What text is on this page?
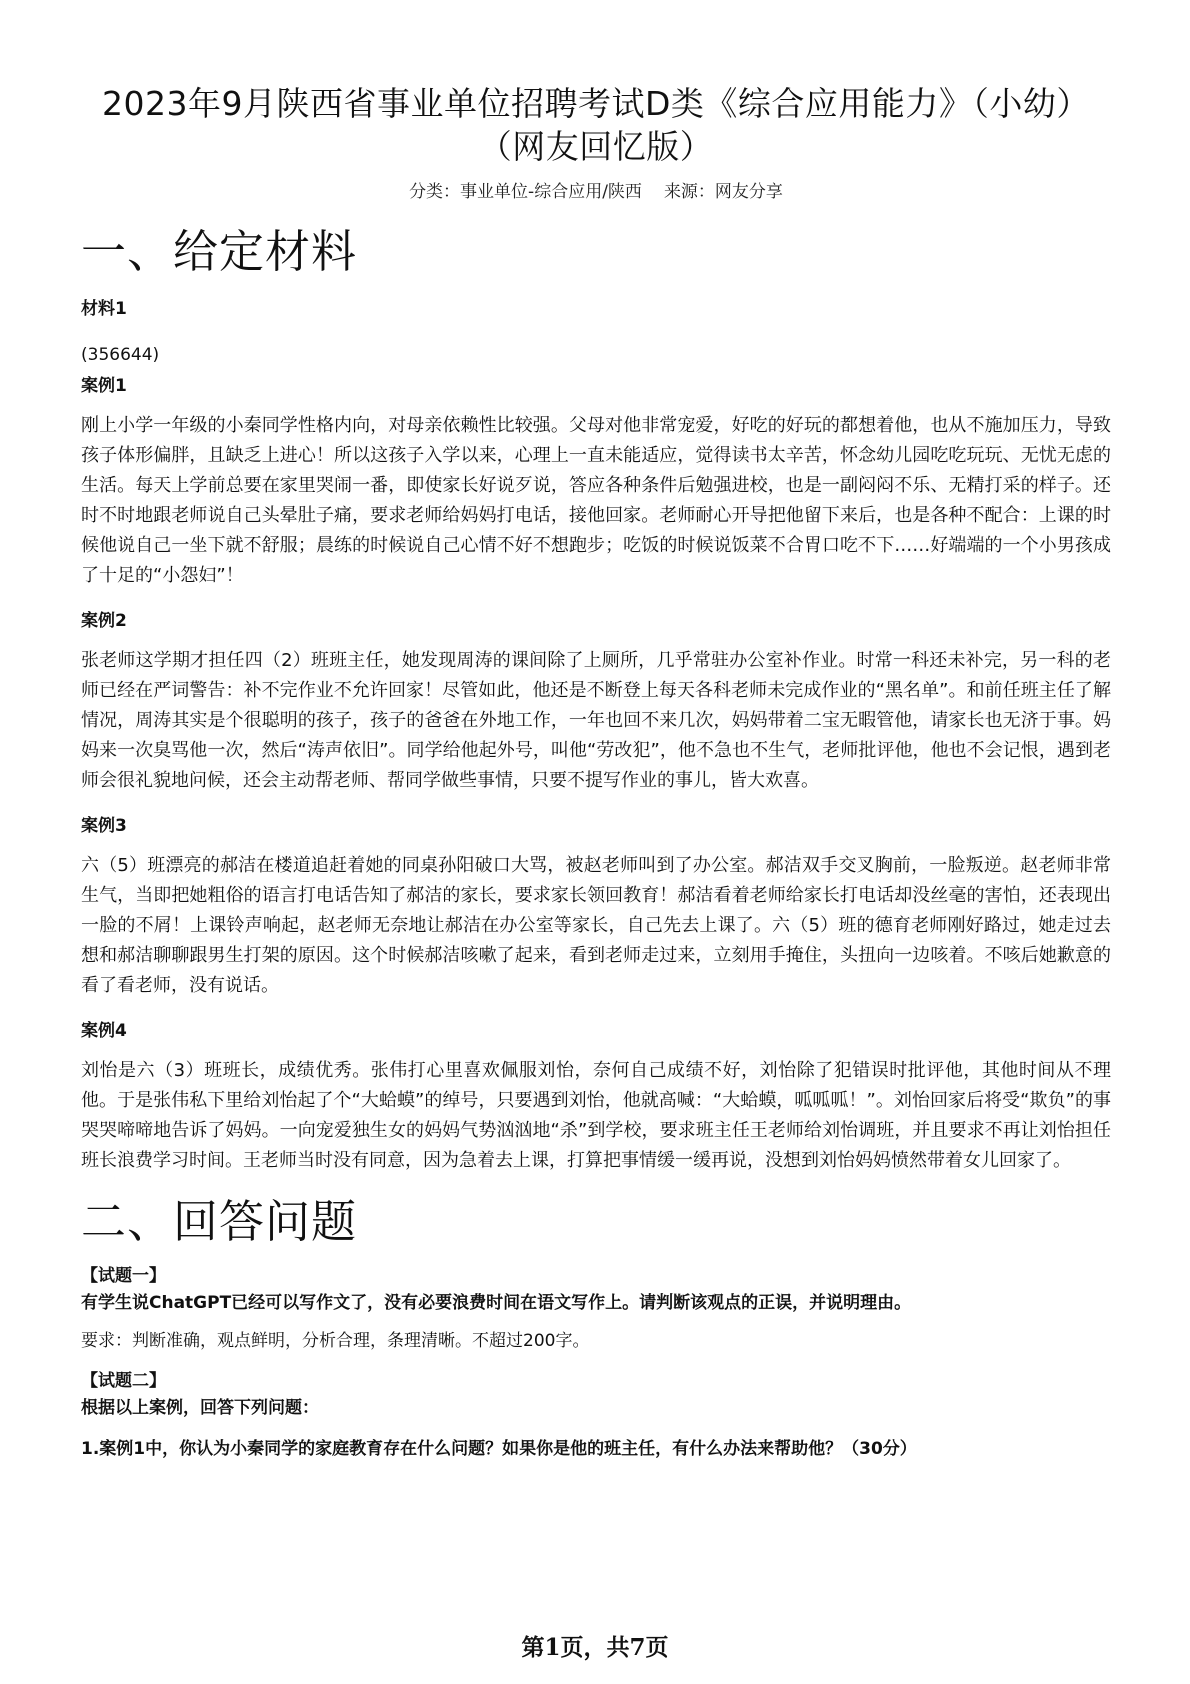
2023年9月陕西省事业单位招聘考试D类《综合应用能力》（小幼）（网友回忆版）
分类：事业单位-综合应用/陕西 来源：网友分享
一、给定材料
材料1
(356644)
案例1

刚上小学一年级的小秦同学性格内向，对母亲依赖性比较强。父母对他非常宠爱，好吃的好玩的都想着他，也从不施加压力，导致孩子体形偏胖，且缺乏上进心！所以这孩子入学以来，心理上一直未能适应，觉得读书太辛苦，怀念幼儿园吃吃玩玩、无忧无虑的生活。每天上学前总要在家里哭闹一番，即使家长好说歹说，答应各种条件后勉强进校，也是一副闷闷不乐、无精打采的样子。还时不时地跟老师说自己头晕肚子痛，要求老师给妈妈打电话，接他回家。老师耐心开导把他留下来后，也是各种不配合：上课的时候他说自己一坐下就不舒服；晨练的时候说自己心情不好不想跑步；吃饭的时候说饭菜不合胃口吃不下……好端端的一个小男孩成了十足的“小怨妇”！

案例2

张老师这学期才担任四（2）班班主任，她发现周涛的课间除了上厕所，几乎常驻办公室补作业。时常一科还未补完，另一科的老师已经在严词警告：补不完作业不允许回家！尽管如此，他还是不断登上每天各科老师未完成作业的“黑名单”。和前任班主任了解情况，周涛其实是个很聪明的孩子，孩子的爸爸在外地工作，一年也回不来几次，妈妈带着二宝无暇管他，请家长也无济于事。妈妈来一次臭骂他一次，然后“涛声依旧”。同学给他起外号，叫他“劳改犯”，他不急也不生气，老师批评他，他也不会记恨，遇到老师会很礼貌地问候，还会主动帮老师、帮同学做些事情，只要不提写作业的事儿，皆大欢喜。

案例3

六（5）班漂亮的郝洁在楼道追赶着她的同桌孙阳破口大骂，被赵老师叫到了办公室。郝洁双手交叉胸前，一脸叛逆。赵老师非常生气，当即把她粗俗的语言打电话告知了郝洁的家长，要求家长领回教育！郝洁看着老师给家长打电话却没丝毫的害怕，还表现出一脸的不屑！上课铃声响起，赵老师无奈地让郝洁在办公室等家长，自己先去上课了。六（5）班的德育老师刚好路过，她走过去想和郝洁聊聊跟男生打架的原因。这个时候郝洁咳嗽了起来，看到老师走过来，立刻用手掩住，头扭向一边咳着。不咳后她歉意的看了看老师，没有说话。

案例4

刘怡是六（3）班班长，成绩优秀。张伟打心里喜欢佩服刘怡，奈何自己成绩不好，刘怡除了犯错误时批评他，其他时间从不理他。于是张伟私下里给刘怡起了个“大蛤蟆”的绰号，只要遇到刘怡，他就高喊：“大蛤蟆，呱呱呱！”。刘怡回家后将受“欺负”的事哭哭啼啼地告诉了妈妈。一向宠爱独生女的妈妈气势汹汹地“杀”到学校，要求班主任王老师给刘怡调班，并且要求不再让刘怡担任班长浪费学习时间。王老师当时没有同意，因为急着去上课，打算把事情缓一缓再说，没想到刘怡妈妈愤然带着女儿回家了。

二、回答问题
【试题一】
有学生说ChatGPT已经可以写作文了，没有必要浪费时间在语文写作上。请判断该观点的正误，并说明理由。
要求：判断准确，观点鲜明，分析合理，条理清晰。不超过200字。
【试题二】
根据以上案例，回答下列问题：
1.案例1中，你认为小秦同学的家庭教育存在什么问题？如果你是他的班主任，有什么办法来帮助他？（30分）
第1页，共7页
